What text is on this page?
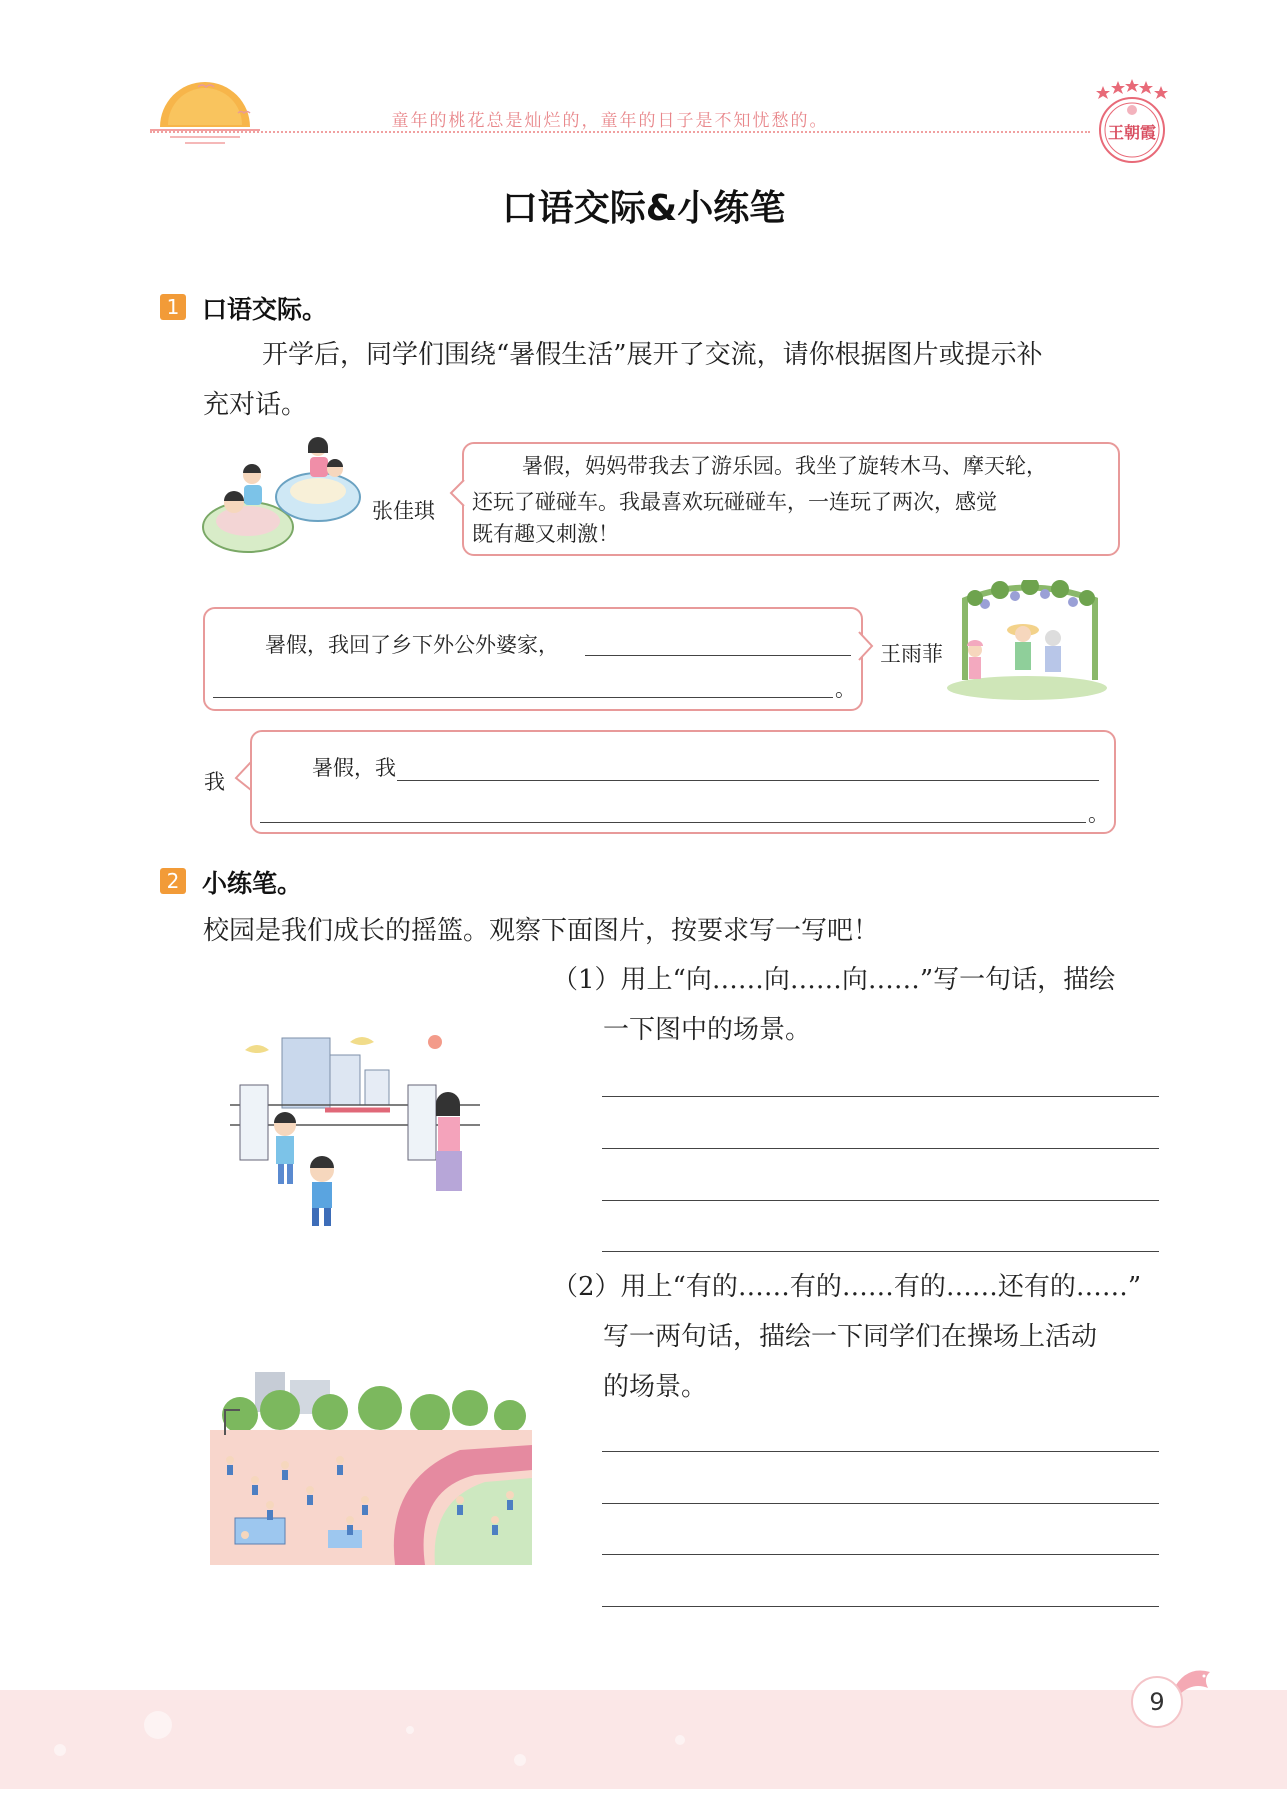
童年的桃花总是灿烂的，童年的日子是不知忧愁的。
王朝霞
口语交际&小练笔
1 口语交际。
开学后，同学们围绕“暑假生活”展开了交流，请你根据图片或提示补
充对话。
张佳琪
暑假，妈妈带我去了游乐园。我坐了旋转木马、摩天轮，
还玩了碰碰车。我最喜欢玩碰碰车，一连玩了两次，感觉
既有趣又刺激！
暑假，我回了乡下外公外婆家，
。
王雨菲
我
暑假，我
。
2 小练笔。
校园是我们成长的摇篮。观察下面图片，按要求写一写吧！
（1）用上“向……向……向……”写一句话，描绘
一下图中的场景。
（2）用上“有的……有的……有的……还有的……”
写一两句话，描绘一下同学们在操场上活动
的场景。
9
